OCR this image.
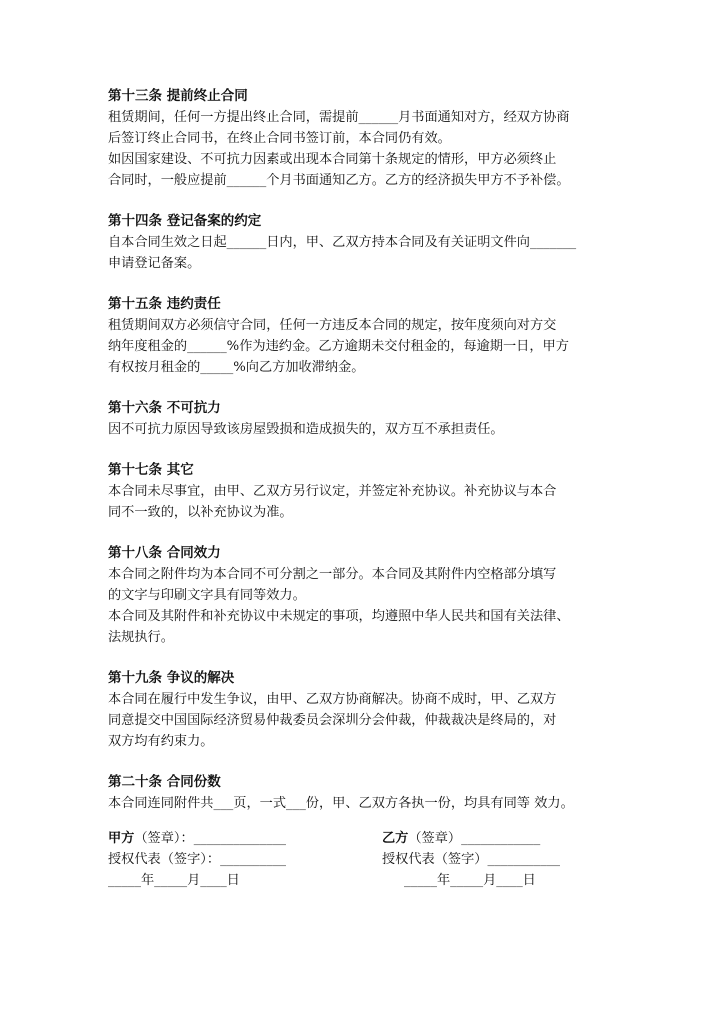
第十三条 提前终止合同
租赁期间，任何一方提出终止合同，需提前______月书面通知对方，经双方协商
后签订终止合同书，在终止合同书签订前，本合同仍有效。
如因国家建设、不可抗力因素或出现本合同第十条规定的情形，甲方必须终止
合同时，一般应提前______个月书面通知乙方。乙方的经济损失甲方不予补偿。
第十四条 登记备案的约定
自本合同生效之日起______日内，甲、乙双方持本合同及有关证明文件向_______
申请登记备案。
第十五条 违约责任
租赁期间双方必须信守合同，任何一方违反本合同的规定，按年度须向对方交
纳年度租金的______%作为违约金。乙方逾期未交付租金的，每逾期一日，甲方
有权按月租金的_____%向乙方加收滞纳金。
第十六条 不可抗力
因不可抗力原因导致该房屋毁损和造成损失的，双方互不承担责任。
第十七条 其它
本合同未尽事宜，由甲、乙双方另行议定，并签定补充协议。补充协议与本合
同不一致的，以补充协议为准。
第十八条 合同效力
本合同之附件均为本合同不可分割之一部分。本合同及其附件内空格部分填写
的文字与印刷文字具有同等效力。
本合同及其附件和补充协议中未规定的事项，均遵照中华人民共和国有关法律、
法规执行。
第十九条 争议的解决
本合同在履行中发生争议，由甲、乙双方协商解决。协商不成时，甲、乙双方
同意提交中国国际经济贸易仲裁委员会深圳分会仲裁，仲裁裁决是终局的，对
双方均有约束力。
第二十条 合同份数
本合同连同附件共___页，一式___份，甲、乙双方各执一份，均具有同等 效力。
甲方（签章）：______________	乙方（签章）____________
授权代表（签字）：__________	授权代表（签字）___________
_____年_____月____日	_____年_____月____日
